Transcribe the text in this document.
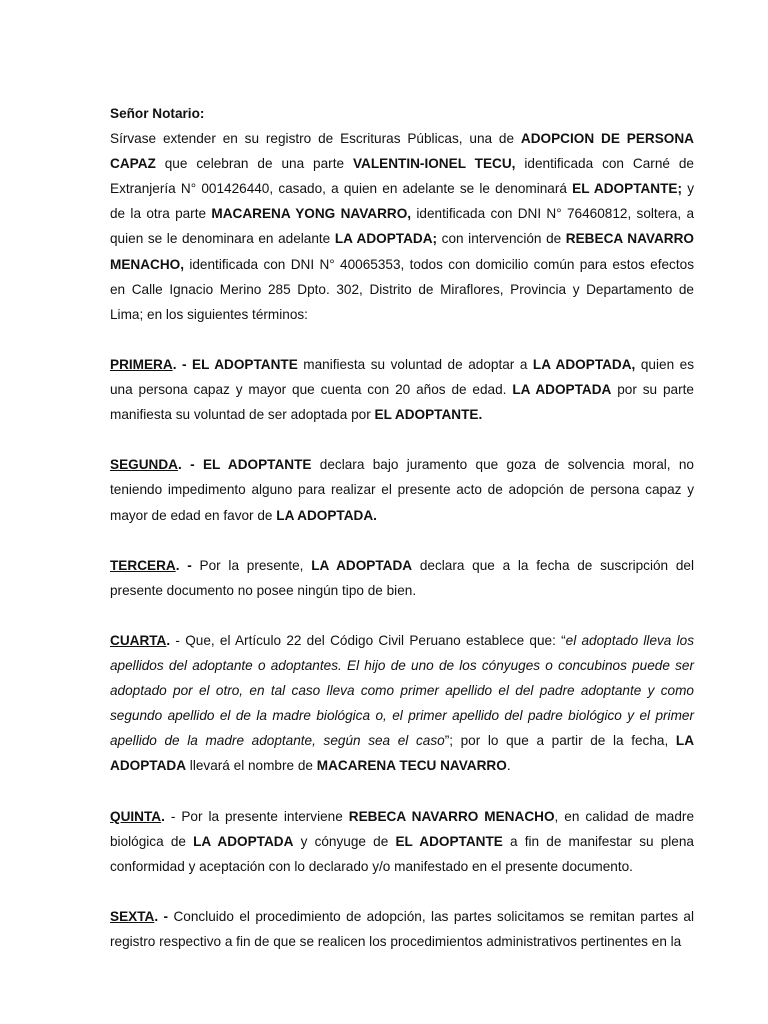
Señor Notario:

Sírvase extender en su registro de Escrituras Públicas, una de ADOPCION DE PERSONA CAPAZ que celebran de una parte VALENTIN-IONEL TECU, identificada con Carné de Extranjería N° 001426440, casado, a quien en adelante se le denominará EL ADOPTANTE; y de la otra parte MACARENA YONG NAVARRO, identificada con DNI N° 76460812, soltera, a quien se le denominara en adelante LA ADOPTADA; con intervención de REBECA NAVARRO MENACHO, identificada con DNI N° 40065353, todos con domicilio común para estos efectos en Calle Ignacio Merino 285 Dpto. 302, Distrito de Miraflores, Provincia y Departamento de Lima; en los siguientes términos:

PRIMERA. - EL ADOPTANTE manifiesta su voluntad de adoptar a LA ADOPTADA, quien es una persona capaz y mayor que cuenta con 20 años de edad. LA ADOPTADA por su parte manifiesta su voluntad de ser adoptada por EL ADOPTANTE.

SEGUNDA. - EL ADOPTANTE declara bajo juramento que goza de solvencia moral, no teniendo impedimento alguno para realizar el presente acto de adopción de persona capaz y mayor de edad en favor de LA ADOPTADA.

TERCERA. - Por la presente, LA ADOPTADA declara que a la fecha de suscripción del presente documento no posee ningún tipo de bien.

CUARTA. - Que, el Artículo 22 del Código Civil Peruano establece que: “el adoptado lleva los apellidos del adoptante o adoptantes. El hijo de uno de los cónyuges o concubinos puede ser adoptado por el otro, en tal caso lleva como primer apellido el del padre adoptante y como segundo apellido el de la madre biológica o, el primer apellido del padre biológico y el primer apellido de la madre adoptante, según sea el caso”; por lo que a partir de la fecha, LA ADOPTADA llevará el nombre de MACARENA TECU NAVARRO.

QUINTA. - Por la presente interviene REBECA NAVARRO MENACHO, en calidad de madre biológica de LA ADOPTADA y cónyuge de EL ADOPTANTE a fin de manifestar su plena conformidad y aceptación con lo declarado y/o manifestado en el presente documento.

SEXTA. - Concluido el procedimiento de adopción, las partes solicitamos se remitan partes al registro respectivo a fin de que se realicen los procedimientos administrativos pertinentes en la
